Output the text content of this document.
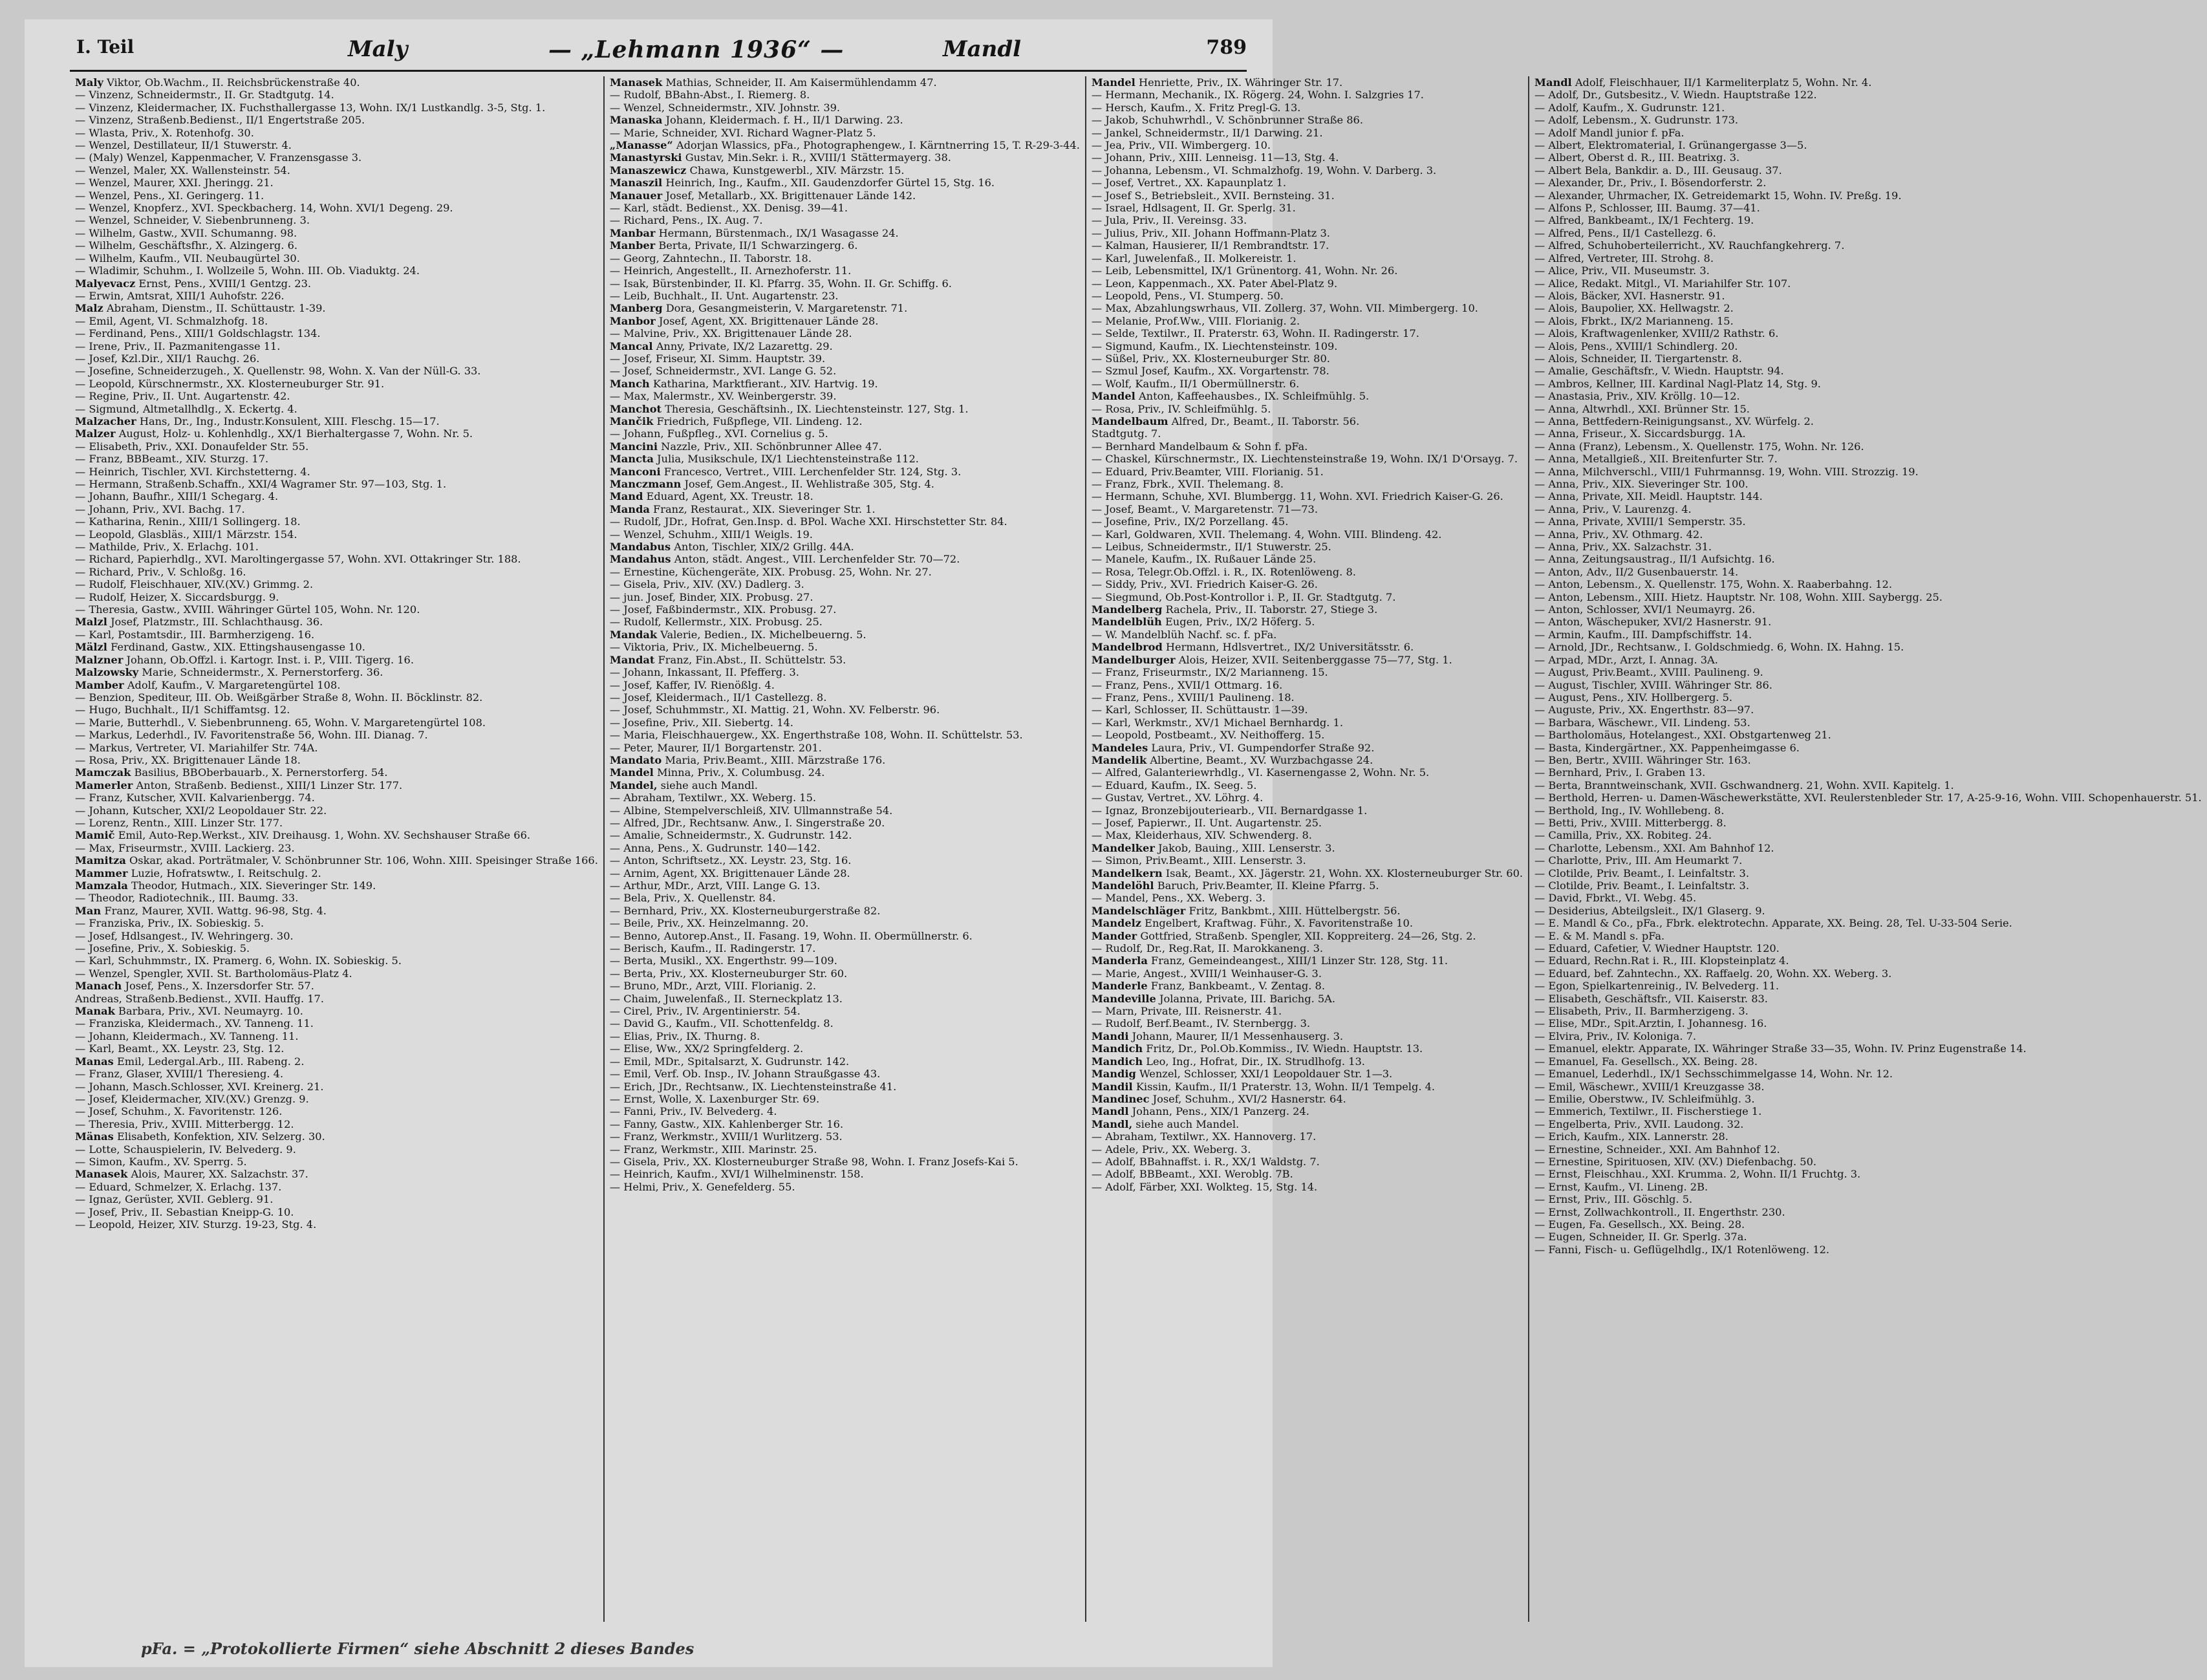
I. Teil	Maly	— „Lehmann 1936“ —	Mandl	789

Maly Viktor, Ob.Wachm., II. Reichsbrückenstraße 40.

— Vinzenz, Schneidermstr., II. Gr. Stadtgutg. 14.

— Vinzenz, Kleidermacher, IX. Fuchsthallergasse 13, Wohn. IX/1 Lustkandlg. 3-5, Stg. 1.

— Vinzenz, Straßenb.Bedienst., II/1 Engertstraße 205.

— Wlasta, Priv., X. Rotenhofg. 30.

— Wenzel, Destillateur, II/1 Stuwerstr. 4.

— (Maly) Wenzel, Kappenmacher, V. Franzensgasse 3.

— Wenzel, Maler, XX. Wallensteinstr. 54.

— Wenzel, Maurer, XXI. Jheringg. 21.

— Wenzel, Pens., XI. Geringerg. 11.

— Wenzel, Knopferz., XVI. Speckbacherg. 14, Wohn. XVI/1 Degeng. 29.

— Wenzel, Schneider, V. Siebenbrunneng. 3.

— Wilhelm, Gastw., XVII. Schumanng. 98.

— Wilhelm, Geschäftsfhr., X. Alzingerg. 6.

— Wilhelm, Kaufm., VII. Neubaugürtel 30.

— Wladimir, Schuhm., I. Wollzeile 5, Wohn. III. Ob. Viaduktg. 24.

Malyevacz Ernst, Pens., XVIII/1 Gentzg. 23.

— Erwin, Amtsrat, XIII/1 Auhofstr. 226.

Malz Abraham, Dienstm., II. Schüttaustr. 1-39.

— Emil, Agent, VI. Schmalzhofg. 18.

— Ferdinand, Pens., XIII/1 Goldschlagstr. 134.

— Irene, Priv., II. Pazmanitengasse 11.

— Josef, Kzl.Dir., XII/1 Rauchg. 26.

— Josefine, Schneiderzugeh., X. Quellenstr. 98, Wohn. X. Van der Nüll-G. 33.

— Leopold, Kürschnermstr., XX. Klosterneuburger Str. 91.

— Regine, Priv., II. Unt. Augartenstr. 42.

— Sigmund, Altmetallhdlg., X. Eckertg. 4.

Malzacher Hans, Dr., Ing., Industr.Konsulent, XIII. Fleschg. 15—17.

Malzer August, Holz- u. Kohlenhdlg., XX/1 Bierhaltergasse 7, Wohn. Nr. 5.

— Elisabeth, Priv., XXI. Donaufelder Str. 55.

— Franz, BBBeamt., XIV. Sturzg. 17.

— Heinrich, Tischler, XVI. Kirchstetterng. 4.

— Hermann, Straßenb.Schaffn., XXI/4 Wagramer Str. 97—103, Stg. 1.

— Johann, Baufhr., XIII/1 Schegarg. 4.

— Johann, Priv., XVI. Bachg. 17.

— Katharina, Renin., XIII/1 Sollingerg. 18.

— Leopold, Glasbläs., XIII/1 Märzstr. 154.

— Mathilde, Priv., X. Erlachg. 101.

— Richard, Papierhdlg., XVI. Maroltingergasse 57, Wohn. XVI. Ottakringer Str. 188.

— Richard, Priv., V. Schloßg. 16.

— Rudolf, Fleischhauer, XIV.(XV.) Grimmg. 2.

— Rudolf, Heizer, X. Siccardsburgg. 9.

— Theresia, Gastw., XVIII. Währinger Gürtel 105, Wohn. Nr. 120.

Malzl Josef, Platzmstr., III. Schlachthausg. 36.

— Karl, Postamtsdir., III. Barmherzigeng. 16.

Mälzl Ferdinand, Gastw., XIX. Ettingshausengasse 10.

Malzner Johann, Ob.Offzl. i. Kartogr. Inst. i. P., VIII. Tigerg. 16.

Malzowsky Marie, Schneidermstr., X. Pernerstorferg. 36.

Mamber Adolf, Kaufm., V. Margaretengürtel 108.

— Benzion, Spediteur, III. Ob. Weißgärber Straße 8, Wohn. II. Böcklinstr. 82.

— Hugo, Buchhalt., II/1 Schiffamtsg. 12.

— Marie, Butterhdl., V. Siebenbrunneng. 65, Wohn. V. Margaretengürtel 108.

— Markus, Lederhdl., IV. Favoritenstraße 56, Wohn. III. Dianag. 7.

— Markus, Vertreter, VI. Mariahilfer Str. 74A.

— Rosa, Priv., XX. Brigittenauer Lände 18.

Mamczak Basilius, BBOberbauarb., X. Pernerstorferg. 54.

Mamerler Anton, Straßenb. Bedienst., XIII/1 Linzer Str. 177.

— Franz, Kutscher, XVII. Kalvarienbergg. 74.

— Johann, Kutscher, XXI/2 Leopoldauer Str. 22.

— Lorenz, Rentn., XIII. Linzer Str. 177.

Mamič Emil, Auto-Rep.Werkst., XIV. Dreihausg. 1, Wohn. XV. Sechshauser Straße 66.

— Max, Friseurmstr., XVIII. Lackierg. 23.

Mamitza Oskar, akad. Porträtmaler, V. Schönbrunner Str. 106, Wohn. XIII. Speisinger Straße 166.

Mammer Luzie, Hofratswtw., I. Reitschulg. 2.

Mamzala Theodor, Hutmach., XIX. Sieveringer Str. 149.

— Theodor, Radiotechnik., III. Baumg. 33.

Man Franz, Maurer, XVII. Wattg. 96-98, Stg. 4.

— Franziska, Priv., IX. Sobieskig. 5.

— Josef, Hdlsangest., IV. Wehringerg. 30.

— Josefine, Priv., X. Sobieskig. 5.

— Karl, Schuhmmstr., IX. Pramerg. 6, Wohn. IX. Sobieskig. 5.

— Wenzel, Spengler, XVII. St. Bartholomäus-Platz 4.

Manach Josef, Pens., X. Inzersdorfer Str. 57.

Andreas, Straßenb.Bedienst., XVII. Hauffg. 17.

Manak Barbara, Priv., XVI. Neumayrg. 10.

— Franziska, Kleidermach., XV. Tanneng. 11.

— Johann, Kleidermach., XV. Tanneng. 11.

— Karl, Beamt., XX. Leystr. 23, Stg. 12.

Manas Emil, Ledergal.Arb., III. Rabeng. 2.

— Franz, Glaser, XVIII/1 Theresieng. 4.

— Johann, Masch.Schlosser, XVI. Kreinerg. 21.

— Josef, Kleidermacher, XIV.(XV.) Grenzg. 9.

— Josef, Schuhm., X. Favoritenstr. 126.

— Theresia, Priv., XVIII. Mitterbergg. 12.

Mänas Elisabeth, Konfektion, XIV. Selzerg. 30.

— Lotte, Schauspielerin, IV. Belvederg. 9.

— Simon, Kaufm., XV. Sperrg. 5.

Manasek Alois, Maurer, XX. Salzachstr. 37.

— Eduard, Schmelzer, X. Erlachg. 137.

— Ignaz, Gerüster, XVII. Geblerg. 91.

— Josef, Priv., II. Sebastian Kneipp-G. 10.

— Leopold, Heizer, XIV. Sturzg. 19-23, Stg. 4.

Manasek Mathias, Schneider, II. Am Kaisermühlendamm 47.

— Rudolf, BBahn-Abst., I. Riemerg. 8.

— Wenzel, Schneidermstr., XIV. Johnstr. 39.

Manaska Johann, Kleidermach. f. H., II/1 Darwing. 23.

— Marie, Schneider, XVI. Richard Wagner-Platz 5.

„Manasse“ Adorjan Wlassics, pFa., Photographengew., I. Kärntnerring 15, T. R-29-3-44.

Manastyrski Gustav, Min.Sekr. i. R., XVIII/1 Stättermayerg. 38.

Manaszewicz Chawa, Kunstgewerbl., XIV. Märzstr. 15.

Manaszil Heinrich, Ing., Kaufm., XII. Gaudenzdorfer Gürtel 15, Stg. 16.

Manauer Josef, Metallarb., XX. Brigittenauer Lände 142.

— Karl, städt. Bedienst., XX. Denisg. 39—41.

— Richard, Pens., IX. Aug. 7.

Manbar Hermann, Bürstenmach., IX/1 Wasagasse 24.

Manber Berta, Private, II/1 Schwarzingerg. 6.

— Georg, Zahntechn., II. Taborstr. 18.

— Heinrich, Angestellt., II. Arnezhoferstr. 11.

— Isak, Bürstenbinder, II. Kl. Pfarrg. 35, Wohn. II. Gr. Schiffg. 6.

— Leib, Buchhalt., II. Unt. Augartenstr. 23.

Manberg Dora, Gesangmeisterin, V. Margaretenstr. 71.

Manbor Josef, Agent, XX. Brigittenauer Lände 28.

— Malvine, Priv., XX. Brigittenauer Lände 28.

Mancal Anny, Private, IX/2 Lazarettg. 29.

— Josef, Friseur, XI. Simm. Hauptstr. 39.

— Josef, Schneidermstr., XVI. Lange G. 52.

Manch Katharina, Marktfierant., XIV. Hartvig. 19.

— Max, Malermstr., XV. Weinbergerstr. 39.

Manchot Theresia, Geschäftsinh., IX. Liechtensteinstr. 127, Stg. 1.

Mančik Friedrich, Fußpflege, VII. Lindeng. 12.

— Johann, Fußpfleg., XVI. Cornelius g. 5.

Mancini Nazzle, Priv., XII. Schönbrunner Allee 47.

Mancta Julia, Musikschule, IX/1 Liechtensteinstraße 112.

Manconi Francesco, Vertret., VIII. Lerchenfelder Str. 124, Stg. 3.

Manczmann Josef, Gem.Angest., II. Wehlistraße 305, Stg. 4.

Mand Eduard, Agent, XX. Treustr. 18.

Manda Franz, Restaurat., XIX. Sieveringer Str. 1.

— Rudolf, JDr., Hofrat, Gen.Insp. d. BPol. Wache XXI. Hirschstetter Str. 84.

— Wenzel, Schuhm., XIII/1 Weigls. 19.

Mandabus Anton, Tischler, XIX/2 Grillg. 44A.

Mandahus Anton, städt. Angest., VIII. Lerchenfelder Str. 70—72.

— Ernestine, Küchengeräte, XIX. Probusg. 25, Wohn. Nr. 27.

— Gisela, Priv., XIV. (XV.) Dadlerg. 3.

— jun. Josef, Binder, XIX. Probusg. 27.

— Josef, Faßbindermstr., XIX. Probusg. 27.

— Rudolf, Kellermstr., XIX. Probusg. 25.

Mandak Valerie, Bedien., IX. Michelbeuerng. 5.

— Viktoria, Priv., IX. Michelbeuerng. 5.

Mandat Franz, Fin.Abst., II. Schüttelstr. 53.

— Johann, Inkassant, II. Pfefferg. 3.

— Josef, Kaffer, IV. Rienößlg. 4.

— Josef, Kleidermach., II/1 Castellezg. 8.

— Josef, Schuhmmstr., XI. Mattig. 21, Wohn. XV. Felberstr. 96.

— Josefine, Priv., XII. Siebertg. 14.

— Maria, Fleischhauergew., XX. Engerthstraße 108, Wohn. II. Schüttelstr. 53.

— Peter, Maurer, II/1 Borgartenstr. 201.

Mandato Maria, Priv.Beamt., XIII. Märzstraße 176.

Mandel Minna, Priv., X. Columbusg. 24.

Mandel, siehe auch Mandl.

— Abraham, Textilwr., XX. Weberg. 15.

— Albine, Stempelverschleiß, XIV. Ullmannstraße 54.

— Alfred, JDr., Rechtsanw. Anw., I. Singerstraße 20.

— Amalie, Schneidermstr., X. Gudrunstr. 142.

— Anna, Pens., X. Gudrunstr. 140—142.

— Anton, Schriftsetz., XX. Leystr. 23, Stg. 16.

— Arnim, Agent, XX. Brigittenauer Lände 28.

— Arthur, MDr., Arzt, VIII. Lange G. 13.

— Bela, Priv., X. Quellenstr. 84.

— Bernhard, Priv., XX. Klosterneuburgerstraße 82.

— Beile, Priv., XX. Heinzelmanng. 20.

— Benno, Autorep.Anst., II. Fasang. 19, Wohn. II. Obermüllnerstr. 6.

— Berisch, Kaufm., II. Radingerstr. 17.

— Berta, Musikl., XX. Engerthstr. 99—109.

— Berta, Priv., XX. Klosterneuburger Str. 60.

— Bruno, MDr., Arzt, VIII. Florianig. 2.

— Chaim, Juwelenfaß., II. Sterneckplatz 13.

— Cirel, Priv., IV. Argentinierstr. 54.

— David G., Kaufm., VII. Schottenfeldg. 8.

— Elias, Priv., IX. Thurng. 8.

— Elise, Ww., XX/2 Springfelderg. 2.

— Emil, MDr., Spitalsarzt, X. Gudrunstr. 142.

— Emil, Verf. Ob. Insp., IV. Johann Straußgasse 43.

— Erich, JDr., Rechtsanw., IX. Liechtensteinstraße 41.

— Ernst, Wolle, X. Laxenburger Str. 69.

— Fanni, Priv., IV. Belvederg. 4.

— Fanny, Gastw., XIX. Kahlenberger Str. 16.

— Franz, Werkmstr., XVIII/1 Wurlitzerg. 53.

— Franz, Werkmstr., XIII. Marinstr. 25.

— Gisela, Priv., XX. Klosterneuburger Straße 98, Wohn. I. Franz Josefs-Kai 5.

— Heinrich, Kaufm., XVI/1 Wilhelminenstr. 158.

— Helmi, Priv., X. Genefelderg. 55.

Mandel Henriette, Priv., IX. Währinger Str. 17.

— Hermann, Mechanik., IX. Rögerg. 24, Wohn. I. Salzgries 17.

— Hersch, Kaufm., X. Fritz Pregl-G. 13.

— Jakob, Schuhwrhdl., V. Schönbrunner Straße 86.

— Jankel, Schneidermstr., II/1 Darwing. 21.

— Jea, Priv., VII. Wimbergerg. 10.

— Johann, Priv., XIII. Lenneisg. 11—13, Stg. 4.

— Johanna, Lebensm., VI. Schmalzhofg. 19, Wohn. V. Darberg. 3.

— Josef, Vertret., XX. Kapaunplatz 1.

— Josef S., Betriebsleit., XVII. Bernsteing. 31.

— Israel, Hdlsagent, II. Gr. Sperlg. 31.

— Jula, Priv., II. Vereinsg. 33.

— Julius, Priv., XII. Johann Hoffmann-Platz 3.

— Kalman, Hausierer, II/1 Rembrandtstr. 17.

— Karl, Juwelenfaß., II. Molkereistr. 1.

— Leib, Lebensmittel, IX/1 Grünentorg. 41, Wohn. Nr. 26.

— Leon, Kappenmach., XX. Pater Abel-Platz 9.

— Leopold, Pens., VI. Stumperg. 50.

— Max, Abzahlungswrhaus, VII. Zollerg. 37, Wohn. VII. Mimbergerg. 10.

— Melanie, Prof.Ww., VIII. Florianig. 2.

— Selde, Textilwr., II. Praterstr. 63, Wohn. II. Radingerstr. 17.

— Sigmund, Kaufm., IX. Liechtensteinstr. 109.

— Süßel, Priv., XX. Klosterneuburger Str. 80.

— Szmul Josef, Kaufm., XX. Vorgartenstr. 78.

— Wolf, Kaufm., II/1 Obermüllnerstr. 6.

Mandel Anton, Kaffeehausbes., IX. Schleifmühlg. 5.

— Rosa, Priv., IV. Schleifmühlg. 5.

Mandelbaum Alfred, Dr., Beamt., II. Taborstr. 56.

Stadtgutg. 7.

— Bernhard Mandelbaum & Sohn f. pFa.

— Chaskel, Kürschnermstr., IX. Liechtensteinstraße 19, Wohn. IX/1 D'Orsayg. 7.

— Eduard, Priv.Beamter, VIII. Florianig. 51.

— Franz, Fbrk., XVII. Thelemang. 8.

— Hermann, Schuhe, XVI. Blumbergg. 11, Wohn. XVI. Friedrich Kaiser-G. 26.

— Josef, Beamt., V. Margaretenstr. 71—73.

— Josefine, Priv., IX/2 Porzellang. 45.

— Karl, Goldwaren, XVII. Thelemang. 4, Wohn. VIII. Blindeng. 42.

— Leibus, Schneidermstr., II/1 Stuwerstr. 25.

— Manele, Kaufm., IX. Rußauer Lände 25.

— Rosa, Telegr.Ob.Offzl. i. R., IX. Rotenlöweng. 8.

— Siddy, Priv., XVI. Friedrich Kaiser-G. 26.

— Siegmund, Ob.Post-Kontrollor i. P., II. Gr. Stadtgutg. 7.

Mandelberg Rachela, Priv., II. Taborstr. 27, Stiege 3.

Mandelblüh Eugen, Priv., IX/2 Höferg. 5.

— W. Mandelblüh Nachf. sc. f. pFa.

Mandelbrod Hermann, Hdlsvertret., IX/2 Universitätsstr. 6.

Mandelburger Alois, Heizer, XVII. Seitenberggasse 75—77, Stg. 1.

— Franz, Friseurmstr., IX/2 Marianneng. 15.

— Franz, Pens., XVII/1 Ottmarg. 16.

— Franz, Pens., XVIII/1 Paulineng. 18.

— Karl, Schlosser, II. Schüttaustr. 1—39.

— Karl, Werkmstr., XV/1 Michael Bernhardg. 1.

— Leopold, Postbeamt., XV. Neithofferg. 15.

Mandeles Laura, Priv., VI. Gumpendorfer Straße 92.

Mandelik Albertine, Beamt., XV. Wurzbachgasse 24.

— Alfred, Galanteriewrhdlg., VI. Kasernengasse 2, Wohn. Nr. 5.

— Eduard, Kaufm., IX. Seeg. 5.

— Gustav, Vertret., XV. Löhrg. 4.

— Ignaz, Bronzebijouteriearb., VII. Bernardgasse 1.

— Josef, Papierwr., II. Unt. Augartenstr. 25.

— Max, Kleiderhaus, XIV. Schwenderg. 8.

Mandelker Jakob, Bauing., XIII. Lenserstr. 3.

— Simon, Priv.Beamt., XIII. Lenserstr. 3.

Mandelkern Isak, Beamt., XX. Jägerstr. 21, Wohn. XX. Klosterneuburger Str. 60.

Mandelöhl Baruch, Priv.Beamter, II. Kleine Pfarrg. 5.

— Mandel, Pens., XX. Weberg. 3.

Mandelschläger Fritz, Bankbmt., XIII. Hüttelbergstr. 56.

Mandelz Engelbert, Kraftwag. Führ., X. Favoritenstraße 10.

Mander Gottfried, Straßenb. Spengler, XII. Koppreiterg. 24—26, Stg. 2.

— Rudolf, Dr., Reg.Rat, II. Marokkaneng. 3.

Manderla Franz, Gemeindeangest., XIII/1 Linzer Str. 128, Stg. 11.

— Marie, Angest., XVIII/1 Weinhauser-G. 3.

Manderle Franz, Bankbeamt., V. Zentag. 8.

Mandeville Jolanna, Private, III. Barichg. 5A.

— Marn, Private, III. Reisnerstr. 41.

— Rudolf, Berf.Beamt., IV. Sternbergg. 3.

Mandi Johann, Maurer, II/1 Messenhauserg. 3.

Mandich Fritz, Dr., Pol.Ob.Kommiss., IV. Wiedn. Hauptstr. 13.

Mandich Leo, Ing., Hofrat, Dir., IX. Strudlhofg. 13.

Mandig Wenzel, Schlosser, XXI/1 Leopoldauer Str. 1—3.

Mandil Kissin, Kaufm., II/1 Praterstr. 13, Wohn. II/1 Tempelg. 4.

Mandinec Josef, Schuhm., XVI/2 Hasnerstr. 64.

Mandl Johann, Pens., XIX/1 Panzerg. 24.

Mandl, siehe auch Mandel.

— Abraham, Textilwr., XX. Hannoverg. 17.

— Adele, Priv., XX. Weberg. 3.

— Adolf, BBahnaffst. i. R., XX/1 Waldstg. 7.

— Adolf, BBBeamt., XXI. Weroblg. 7B.

— Adolf, Färber, XXI. Wolkteg. 15, Stg. 14.

Mandl Adolf, Fleischhauer, II/1 Karmeliterplatz 5, Wohn. Nr. 4.

— Adolf, Dr., Gutsbesitz., V. Wiedn. Hauptstraße 122.

— Adolf, Kaufm., X. Gudrunstr. 121.

— Adolf, Lebensm., X. Gudrunstr. 173.

— Adolf Mandl junior f. pFa.

— Albert, Elektromaterial, I. Grünangergasse 3—5.

— Albert, Oberst d. R., III. Beatrixg. 3.

— Albert Bela, Bankdir. a. D., III. Geusaug. 37.

— Alexander, Dr., Priv., I. Bösendorferstr. 2.

— Alexander, Uhrmacher, IX. Getreidemarkt 15, Wohn. IV. Preßg. 19.

— Alfons P., Schlosser, III. Baumg. 37—41.

— Alfred, Bankbeamt., IX/1 Fechterg. 19.

— Alfred, Pens., II/1 Castellezg. 6.

— Alfred, Schuhoberteilerricht., XV. Rauchfangkehrerg. 7.

— Alfred, Vertreter, III. Strohg. 8.

— Alice, Priv., VII. Museumstr. 3.

— Alice, Redakt. Mitgl., VI. Mariahilfer Str. 107.

— Alois, Bäcker, XVI. Hasnerstr. 91.

— Alois, Baupolier, XX. Hellwagstr. 2.

— Alois, Fbrkt., IX/2 Marianneng. 15.

— Alois, Kraftwagenlenker, XVIII/2 Rathstr. 6.

— Alois, Pens., XVIII/1 Schindlerg. 20.

— Alois, Schneider, II. Tiergartenstr. 8.

— Amalie, Geschäftsfr., V. Wiedn. Hauptstr. 94.

— Ambros, Kellner, III. Kardinal Nagl-Platz 14, Stg. 9.

— Anastasia, Priv., XIV. Kröllg. 10—12.

— Anna, Altwrhdl., XXI. Brünner Str. 15.

— Anna, Bettfedern-Reinigungsanst., XV. Würfelg. 2.

— Anna, Friseur., X. Siccardsburgg. 1A.

— Anna (Franz), Lebensm., X. Quellenstr. 175, Wohn. Nr. 126.

— Anna, Metallgieß., XII. Breitenfurter Str. 7.

— Anna, Milchverschl., VIII/1 Fuhrmannsg. 19, Wohn. VIII. Strozzig. 19.

— Anna, Priv., XIX. Sieveringer Str. 100.

— Anna, Private, XII. Meidl. Hauptstr. 144.

— Anna, Priv., V. Laurenzg. 4.

— Anna, Private, XVIII/1 Semperstr. 35.

— Anna, Priv., XV. Othmarg. 42.

— Anna, Priv., XX. Salzachstr. 31.

— Anna, Zeitungsaustrag., II/1 Aufsichtg. 16.

— Anton, Adv., II/2 Gusenbauerstr. 14.

— Anton, Lebensm., X. Quellenstr. 175, Wohn. X. Raaberbahng. 12.

— Anton, Lebensm., XIII. Hietz. Hauptstr. Nr. 108, Wohn. XIII. Saybergg. 25.

— Anton, Schlosser, XVI/1 Neumayrg. 26.

— Anton, Wäschepuker, XVI/2 Hasnerstr. 91.

— Armin, Kaufm., III. Dampfschiffstr. 14.

— Arnold, JDr., Rechtsanw., I. Goldschmiedg. 6, Wohn. IX. Hahng. 15.

— Arpad, MDr., Arzt, I. Annag. 3A.

— August, Priv.Beamt., XVIII. Paulineng. 9.

— August, Tischler, XVIII. Währinger Str. 86.

— August, Pens., XIV. Hollbergerg. 5.

— Auguste, Priv., XX. Engerthstr. 83—97.

— Barbara, Wäschewr., VII. Lindeng. 53.

— Bartholomäus, Hotelangest., XXI. Obstgartenweg 21.

— Basta, Kindergärtner., XX. Pappenheimgasse 6.

— Ben, Bertr., XVIII. Währinger Str. 163.

— Bernhard, Priv., I. Graben 13.

— Berta, Branntweinschank, XVII. Gschwandnerg. 21, Wohn. XVII. Kapitelg. 1.

— Berthold, Herren- u. Damen-Wäschewerkstätte, XVI. Reulerstenbleder Str. 17, A-25-9-16, Wohn. VIII. Schopenhauerstr. 51.

— Berthold, Ing., IV. Wohllebeng. 8.

— Betti, Priv., XVIII. Mitterbergg. 8.

— Camilla, Priv., XX. Robiteg. 24.

— Charlotte, Lebensm., XXI. Am Bahnhof 12.

— Charlotte, Priv., III. Am Heumarkt 7.

— Clotilde, Priv. Beamt., I. Leinfaltstr. 3.

— Clotilde, Priv. Beamt., I. Leinfaltstr. 3.

— David, Fbrkt., VI. Webg. 45.

— Desiderius, Abteilgsleit., IX/1 Glaserg. 9.

— E. Mandl & Co., pFa., Fbrk. elektrotechn. Apparate, XX. Being. 28, Tel. U-33-504 Serie.

— E. & M. Mandl s. pFa.

— Eduard, Cafetier, V. Wiedner Hauptstr. 120.

— Eduard, Rechn.Rat i. R., III. Klopsteinplatz 4.

— Eduard, bef. Zahntechn., XX. Raffaelg. 20, Wohn. XX. Weberg. 3.

— Egon, Spielkartenreinig., IV. Belvederg. 11.

— Elisabeth, Geschäftsfr., VII. Kaiserstr. 83.

— Elisabeth, Priv., II. Barmherzigeng. 3.

— Elise, MDr., Spit.Arztin, I. Johannesg. 16.

— Elvira, Priv., IV. Koloniga. 7.

— Emanuel, elektr. Apparate, IX. Währinger Straße 33—35, Wohn. IV. Prinz Eugenstraße 14.

— Emanuel, Fa. Gesellsch., XX. Being. 28.

— Emanuel, Lederhdl., IX/1 Sechsschimmelgasse 14, Wohn. Nr. 12.

— Emil, Wäschewr., XVIII/1 Kreuzgasse 38.

— Emilie, Oberstww., IV. Schleifmühlg. 3.

— Emmerich, Textilwr., II. Fischerstiege 1.

— Engelberta, Priv., XVII. Laudong. 32.

— Erich, Kaufm., XIX. Lannerstr. 28.

— Ernestine, Schneider., XXI. Am Bahnhof 12.

— Ernestine, Spirituosen, XIV. (XV.) Diefenbachg. 50.

— Ernst, Fleischhau., XXI. Krumma. 2, Wohn. II/1 Fruchtg. 3.

— Ernst, Kaufm., VI. Lineng. 2B.

— Ernst, Priv., III. Göschlg. 5.

— Ernst, Zollwachkontroll., II. Engerthstr. 230.

— Eugen, Fa. Gesellsch., XX. Being. 28.

— Eugen, Schneider, II. Gr. Sperlg. 37a.

— Fanni, Fisch- u. Geflügelhdlg., IX/1 Rotenlöweng. 12.

pFa. = „Protokollierte Firmen“ siehe Abschnitt 2 dieses Bandes
